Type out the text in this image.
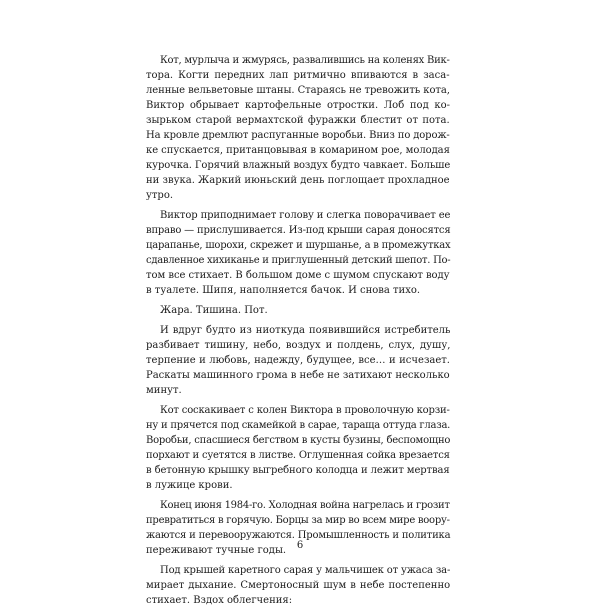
Кот, мурлыча и жмурясь, развалившись на коленях Вик-
тора. Когти передних лап ритмично впиваются в заса-
ленные вельветовые штаны. Стараясь не тревожить кота,
Виктор обрывает картофельные отростки. Лоб под ко-
зырьком старой вермахтской фуражки блестит от пота.
На кровле дремлют распуганные воробьи. Вниз по дорож-
ке спускается, пританцовывая в комарином рое, молодая
курочка. Горячий влажный воздух будто чавкает. Больше
ни звука. Жаркий июньский день поглощает прохладное
утро.
Виктор приподнимает голову и слегка поворачивает ее
вправо — прислушивается. Из-под крыши сарая доносятся
царапанье, шорохи, скрежет и шуршанье, а в промежутках
сдавленное хихиканье и приглушенный детский шепот. По-
том все стихает. В большом доме с шумом спускают воду
в туалете. Шипя, наполняется бачок. И снова тихо.
Жара. Тишина. Пот.
И вдруг будто из ниоткуда появившийся истребитель
разбивает тишину, небо, воздух и полдень, слух, душу,
терпение и любовь, надежду, будущее, все… и исчезает.
Раскаты машинного грома в небе не затихают несколько
минут.
Кот соскакивает с колен Виктора в проволочную корзи-
ну и прячется под скамейкой в сарае, тараща оттуда глаза.
Воробьи, спасшиеся бегством в кусты бузины, беспомощно
порхают и суетятся в листве. Оглушенная сойка врезается
в бетонную крышку выгребного колодца и лежит мертвая
в лужице крови.
Конец июня 1984-го. Холодная война нагрелась и грозит
превратиться в горячую. Борцы за мир во всем мире воору-
жаются и перевооружаются. Промышленность и политика
переживают тучные годы.
Под крышей каретного сарая у мальчишек от ужаса за-
мирает дыхание. Смертоносный шум в небе постепенно
стихает. Вздох облегчения:
6
